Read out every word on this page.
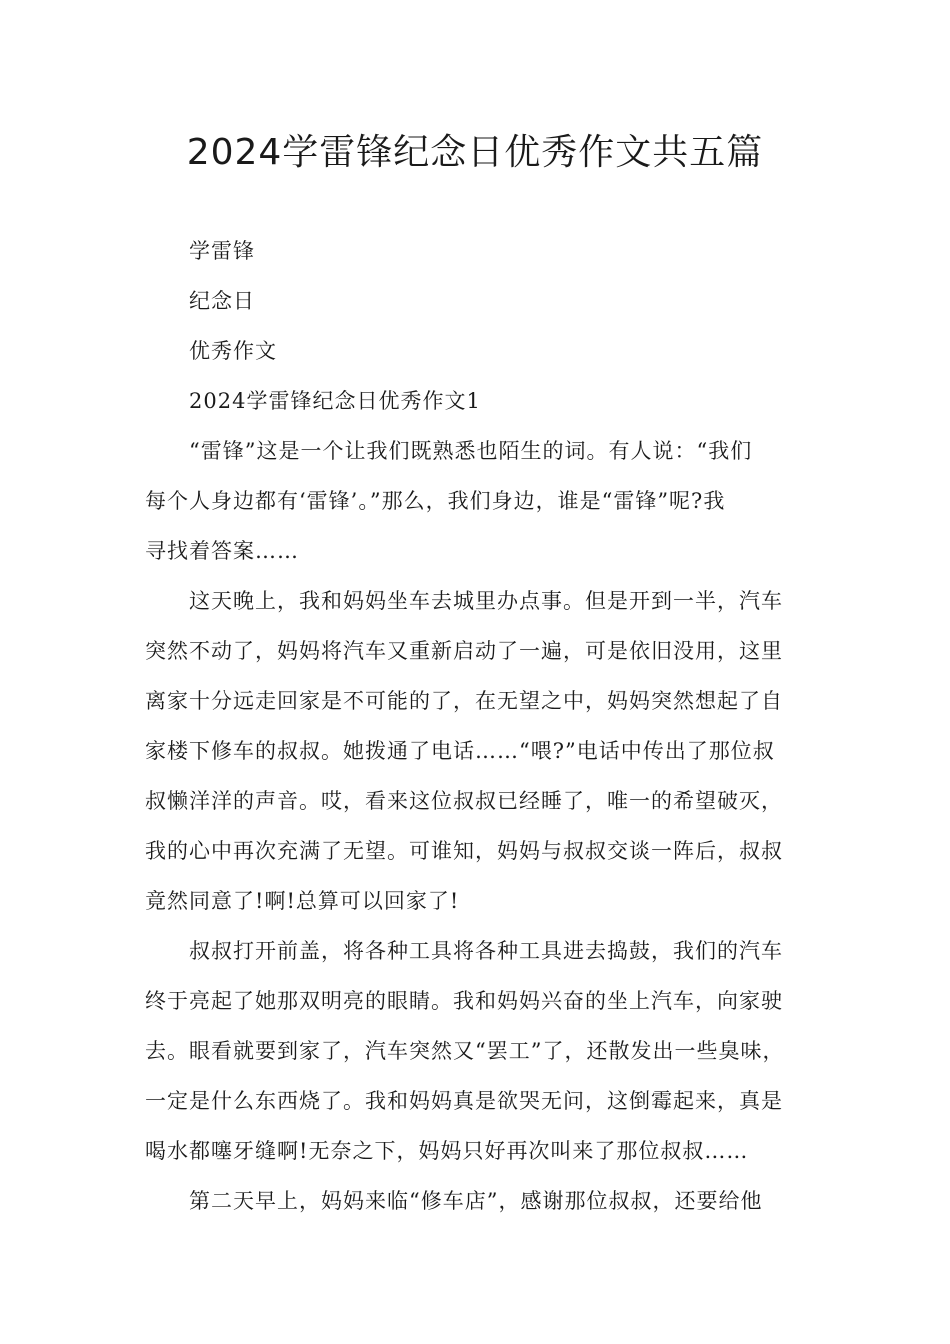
2024学雷锋纪念日优秀作文共五篇
学雷锋
纪念日
优秀作文
2024学雷锋纪念日优秀作文1
“雷锋”这是一个让我们既熟悉也陌生的词。有人说：“我们
每个人身边都有‘雷锋’。”那么，我们身边，谁是“雷锋”呢?我
寻找着答案……
这天晚上，我和妈妈坐车去城里办点事。但是开到一半，汽车
突然不动了，妈妈将汽车又重新启动了一遍，可是依旧没用，这里
离家十分远走回家是不可能的了，在无望之中，妈妈突然想起了自
家楼下修车的叔叔。她拨通了电话……“喂?”电话中传出了那位叔
叔懒洋洋的声音。哎，看来这位叔叔已经睡了，唯一的希望破灭，
我的心中再次充满了无望。可谁知，妈妈与叔叔交谈一阵后，叔叔
竟然同意了!啊!总算可以回家了!
叔叔打开前盖，将各种工具将各种工具进去捣鼓，我们的汽车
终于亮起了她那双明亮的眼睛。我和妈妈兴奋的坐上汽车，向家驶
去。眼看就要到家了，汽车突然又“罢工”了，还散发出一些臭味，
一定是什么东西烧了。我和妈妈真是欲哭无问，这倒霉起来，真是
喝水都噻牙缝啊!无奈之下，妈妈只好再次叫来了那位叔叔……
第二天早上，妈妈来临“修车店”，感谢那位叔叔，还要给他
